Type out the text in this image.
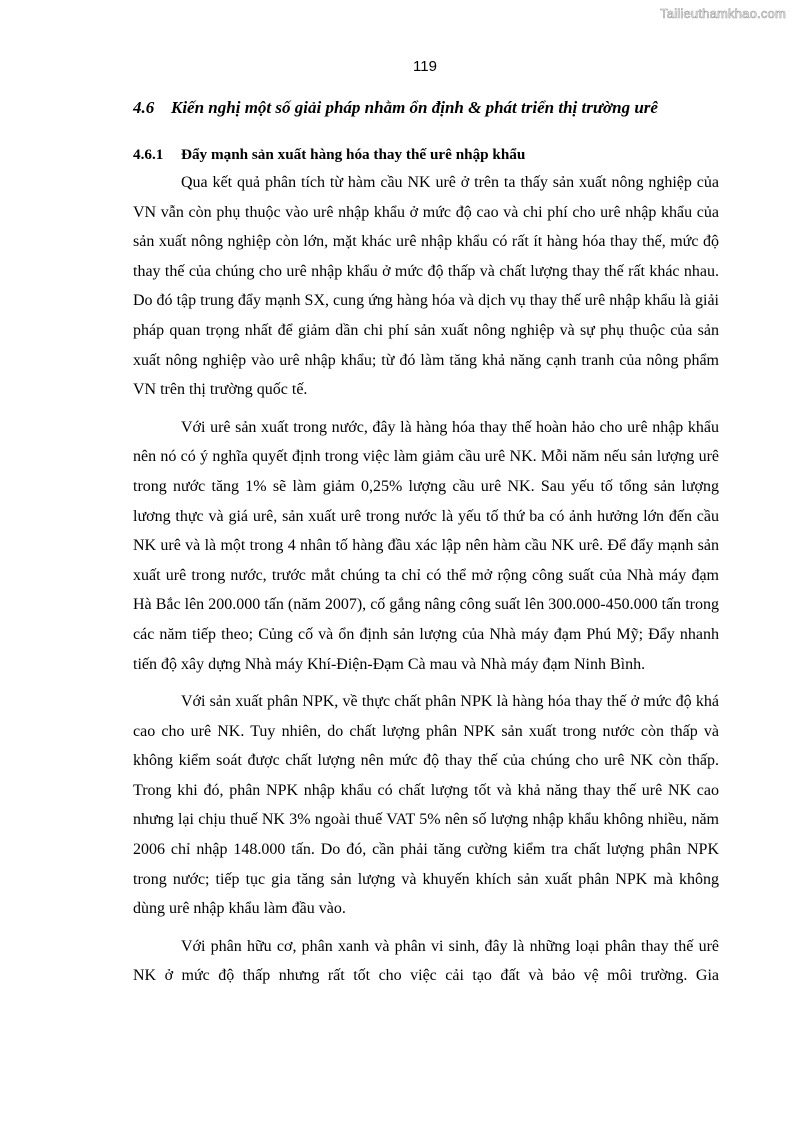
Tailieuthamkhao.com
119
4.6 Kiến nghị một số giải pháp nhằm ổn định & phát triển thị trường urê
4.6.1 Đẩy mạnh sản xuất hàng hóa thay thế urê nhập khẩu

Qua kết quả phân tích từ hàm cầu NK urê ở trên ta thấy sản xuất nông nghiệp của VN vẫn còn phụ thuộc vào urê nhập khẩu ở mức độ cao và chi phí cho urê nhập khẩu của sản xuất nông nghiệp còn lớn, mặt khác urê nhập khẩu có rất ít hàng hóa thay thế, mức độ thay thế của chúng cho urê nhập khẩu ở mức độ thấp và chất lượng thay thế rất khác nhau. Do đó tập trung đẩy mạnh SX, cung ứng hàng hóa và dịch vụ thay thế urê nhập khẩu là giải pháp quan trọng nhất để giảm dần chi phí sản xuất nông nghiệp và sự phụ thuộc của sản xuất nông nghiệp vào urê nhập khẩu; từ đó làm tăng khả năng cạnh tranh của nông phẩm VN trên thị trường quốc tế.

Với urê sản xuất trong nước, đây là hàng hóa thay thế hoàn hảo cho urê nhập khẩu nên nó có ý nghĩa quyết định trong việc làm giảm cầu urê NK. Mỗi năm nếu sản lượng urê trong nước tăng 1% sẽ làm giảm 0,25% lượng cầu urê NK. Sau yếu tố tổng sản lượng lương thực và giá urê, sản xuất urê trong nước là yếu tố thứ ba có ảnh hưởng lớn đến cầu NK urê và là một trong 4 nhân tố hàng đầu xác lập nên hàm cầu NK urê. Để đẩy mạnh sản xuất urê trong nước, trước mắt chúng ta chỉ có thể mở rộng công suất của Nhà máy đạm Hà Bắc lên 200.000 tấn (năm 2007), cố gắng nâng công suất lên 300.000-450.000 tấn trong các năm tiếp theo; Củng cố và ổn định sản lượng của Nhà máy đạm Phú Mỹ; Đẩy nhanh tiến độ xây dựng Nhà máy Khí-Điện-Đạm Cà mau và Nhà máy đạm Ninh Bình.

Với sản xuất phân NPK, về thực chất phân NPK là hàng hóa thay thế ở mức độ khá cao cho urê NK. Tuy nhiên, do chất lượng phân NPK sản xuất trong nước còn thấp và không kiểm soát được chất lượng nên mức độ thay thế của chúng cho urê NK còn thấp. Trong khi đó, phân NPK nhập khẩu có chất lượng tốt và khả năng thay thế urê NK cao nhưng lại chịu thuế NK 3% ngoài thuế VAT 5% nên số lượng nhập khẩu không nhiều, năm 2006 chỉ nhập 148.000 tấn. Do đó, cần phải tăng cường kiểm tra chất lượng phân NPK trong nước; tiếp tục gia tăng sản lượng và khuyến khích sản xuất phân NPK mà không dùng urê nhập khẩu làm đầu vào.

Với phân hữu cơ, phân xanh và phân vi sinh, đây là những loại phân thay thế urê NK ở mức độ thấp nhưng rất tốt cho việc cải tạo đất và bảo vệ môi trường. Gia
